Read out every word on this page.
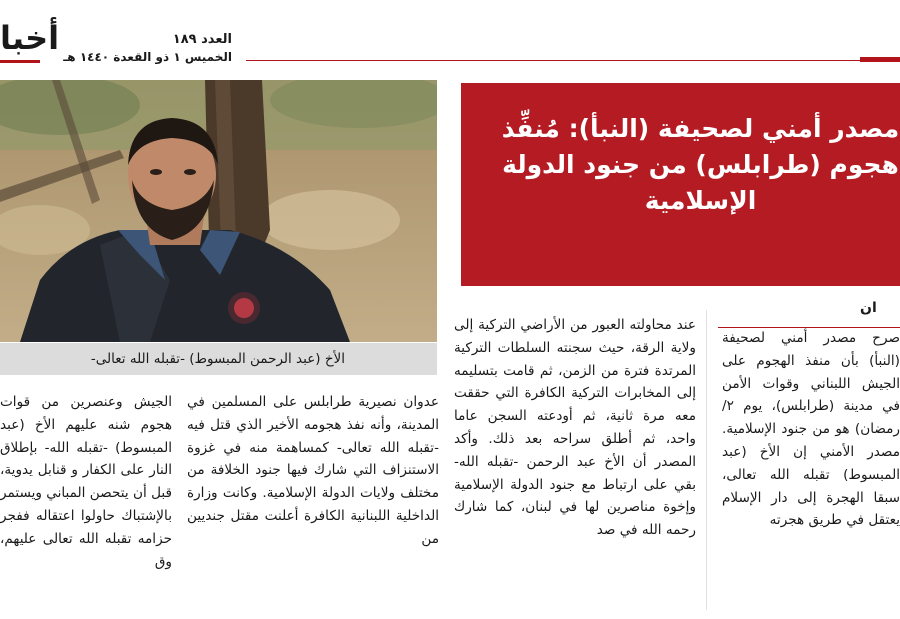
أخبا	العدد ١٨٩
الخميس ١ ذو القعدة ١٤٤٠ هـ
الأخ (عبد الرحمن المبسوط) -تقبله الله تعالى-
مصدر أمني لصحيفة (النبأ): مُنفِّذ هجوم (طرابلس) من جنود الدولة الإسلامية
ان

صرح مصدر أمني لصحيفة (النبأ) بأن منفذ الهجوم على الجيش اللبناني وقوات الأمن في مدينة (طرابلس)، يوم ٢/ رمضان) هو من جنود الإسلامية. مصدر الأمني إن الأخ (عبد المبسوط) تقبله الله تعالى، سبقا الهجرة إلى دار الإسلام يعتقل في طريق هجرته

عند محاولته العبور من الأراضي التركية إلى ولاية الرقة، حيث سجنته السلطات التركية المرتدة فترة من الزمن، ثم قامت بتسليمه إلى المخابرات التركية الكافرة التي حققت معه مرة ثانية، ثم أودعته السجن عاما واحد، ثم أطلق سراحه بعد ذلك. وأكد المصدر أن الأخ عبد الرحمن -تقبله الله- بقي على ارتباط مع جنود الدولة الإسلامية وإخوة مناصرين لها في لبنان، كما شارك رحمه الله في صد

عدوان نصيرية طرابلس على المسلمين في المدينة، وأنه نفذ هجومه الأخير الذي قتل فيه -تقبله الله تعالى- كمساهمة منه في غزوة الاستنزاف التي شارك فيها جنود الخلافة من مختلف ولايات الدولة الإسلامية. وكانت وزارة الداخلية اللبنانية الكافرة أعلنت مقتل جنديين من

الجيش وعنصرين من قوات هجوم شنه عليهم الأخ (عبد المبسوط) -تقبله الله- بإطلاق النار على الكفار و قنابل يدوية، قبل أن يتحصن المباني ويستمر بالإشتباك حاولوا اعتقاله ففجر حزامه تقبله الله تعالى عليهم، وق
